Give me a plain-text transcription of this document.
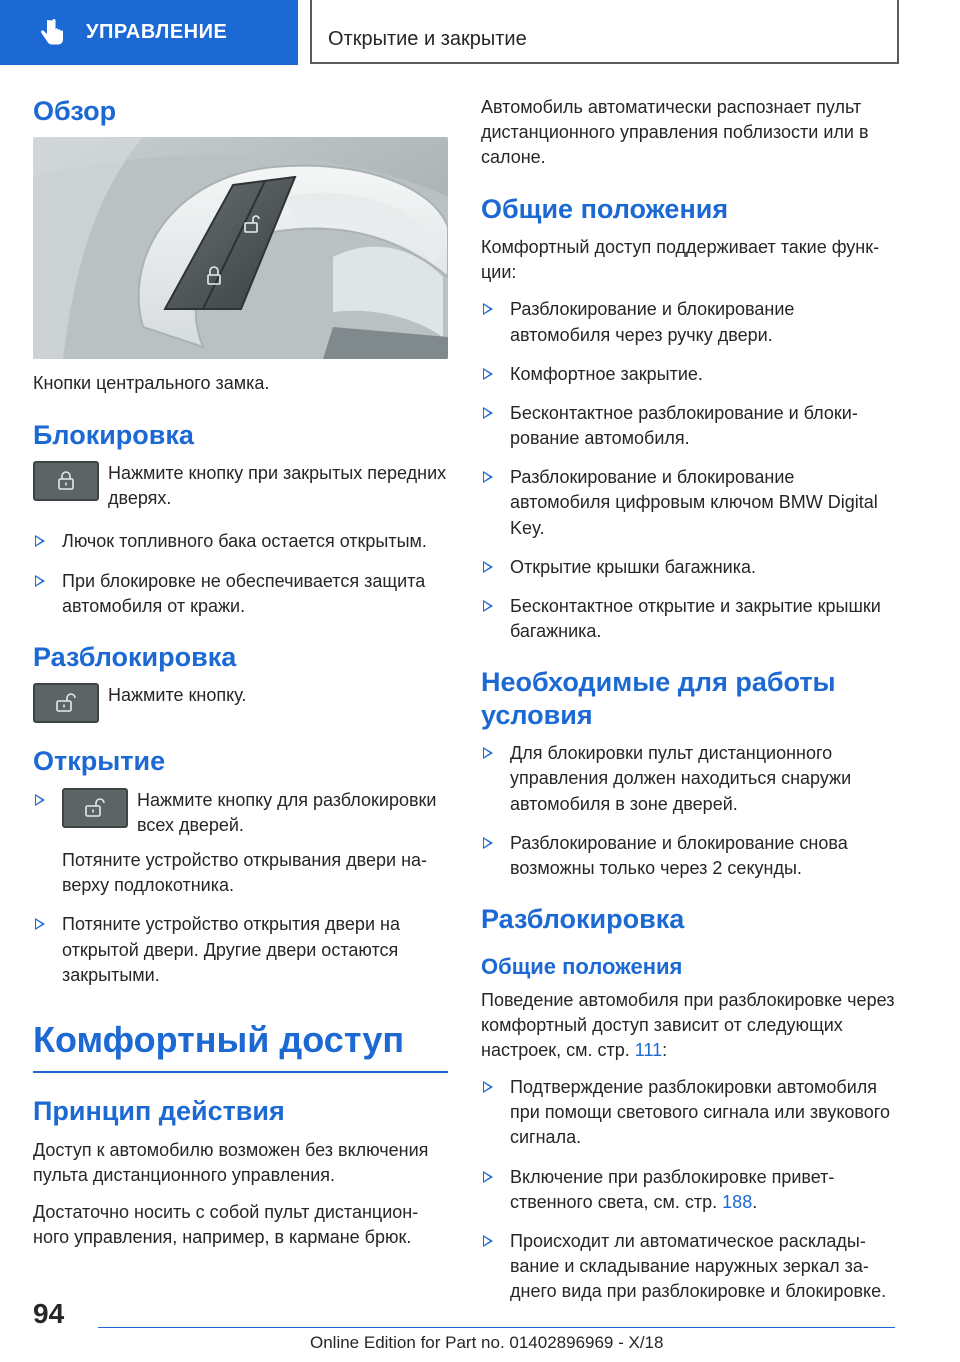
УПРАВЛЕНИЕ	Открытие и закрытие
Обзор

Кнопки центрального замка.

Блокировка

Нажмите кнопку при закрытых передних дверях.

Лючок топливного бака остается открытым.
При блокировке не обеспечивается защита автомобиля от кражи.
Разблокировка

Нажмите кнопку.

Открытие

Нажмите кнопку для разблокировки всех дверей.

Потяните устройство открывания двери наверху подлокотника.
Потяните устройство открытия двери на открытой двери. Другие двери остаются закрытыми.
Комфортный доступ
Принцип действия

Доступ к автомобилю возможен без включения пульта дистанционного управления.

Достаточно носить с собой пульт дистанционного управления, например, в кармане брюк.

Автомобиль автоматически распознает пульт дистанционного управления поблизости или в салоне.

Общие положения

Комфортный доступ поддерживает такие функции:

Разблокирование и блокирование автомобиля через ручку двери.
Комфортное закрытие.
Бесконтактное разблокирование и блокирование автомобиля.
Разблокирование и блокирование автомобиля цифровым ключом BMW Digital Key.
Открытие крышки багажника.
Бесконтактное открытие и закрытие крышки багажника.
Необходимые для работы условия
Для блокировки пульт дистанционного управления должен находиться снаружи автомобиля в зоне дверей.
Разблокирование и блокирование снова возможны только через 2 секунды.
Разблокировка
Общие положения

Поведение автомобиля при разблокировке через комфортный доступ зависит от следующих настроек, см. стр. 111:

Подтверждение разблокировки автомобиля при помощи светового сигнала или звукового сигнала.
Включение при разблокировке приветственного света, см. стр. 188.
Происходит ли автоматическое раскладывание и складывание наружных зеркал заднего вида при разблокировке и блокировке.
94
Online Edition for Part no. 01402896969 - X/18
